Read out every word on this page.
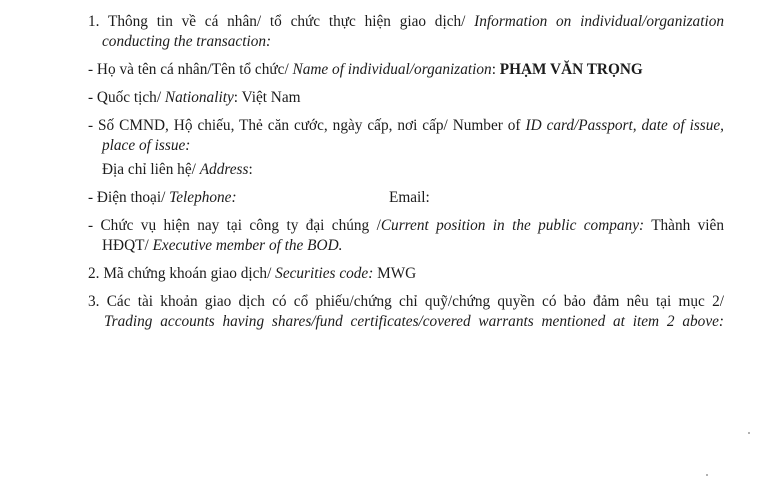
1. Thông tin về cá nhân/ tổ chức thực hiện giao dịch/ Information on individual/organization
conducting the transaction:
- Họ và tên cá nhân/Tên tổ chức/ Name of individual/organization: PHẠM VĂN TRỌNG
- Quốc tịch/ Nationality: Việt Nam
- Số CMND, Hộ chiếu, Thẻ căn cước, ngày cấp, nơi cấp/ Number of ID card/Passport, date of issue,
place of issue:
Địa chỉ liên hệ/ Address:
- Điện thoại/ Telephone:	Email:
- Chức vụ hiện nay tại công ty đại chúng /Current position in the public company: Thành viên
HĐQT/ Executive member of the BOD.
2. Mã chứng khoán giao dịch/ Securities code: MWG
3. Các tài khoản giao dịch có cổ phiếu/chứng chỉ quỹ/chứng quyền có bảo đảm nêu tại mục 2/
Trading accounts having shares/fund certificates/covered warrants mentioned at item 2 above:
